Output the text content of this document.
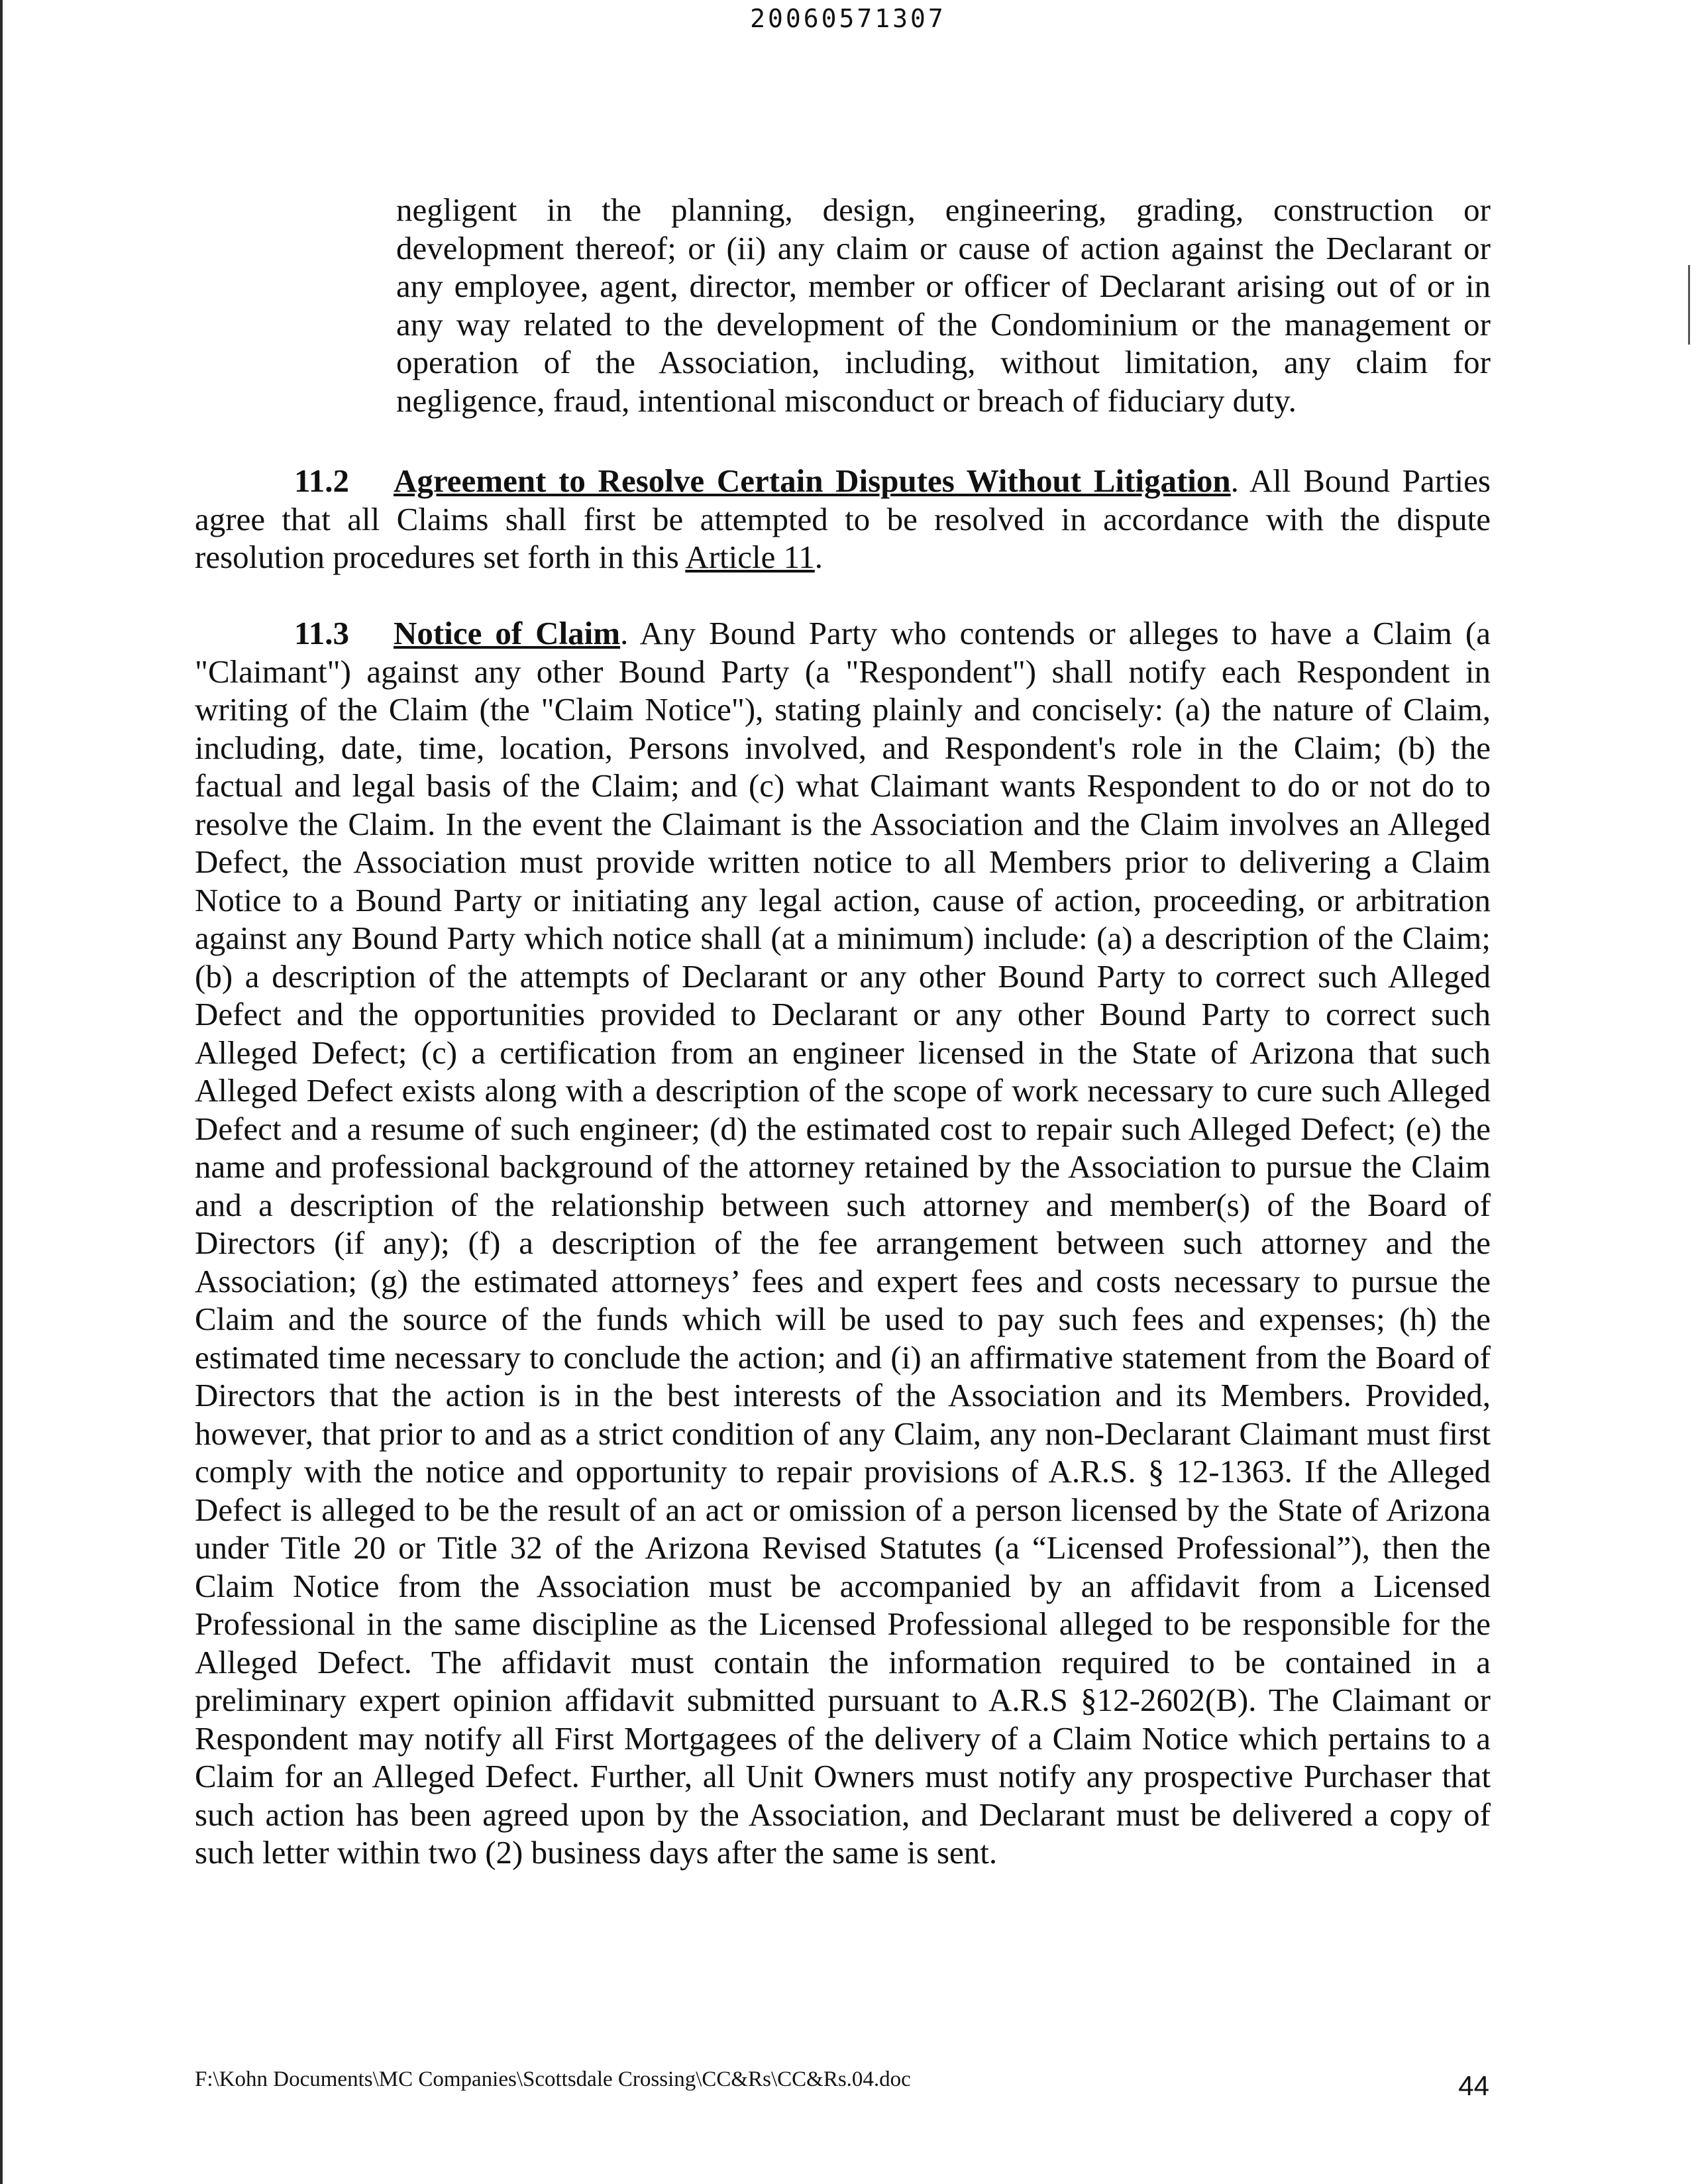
20060571307
negligent in the planning, design, engineering, grading, construction or development thereof; or (ii) any claim or cause of action against the Declarant or any employee, agent, director, member or officer of Declarant arising out of or in any way related to the development of the Condominium or the management or operation of the Association, including, without limitation, any claim for negligence, fraud, intentional misconduct or breach of fiduciary duty.
11.2 Agreement to Resolve Certain Disputes Without Litigation. All Bound Parties agree that all Claims shall first be attempted to be resolved in accordance with the dispute resolution procedures set forth in this Article 11.
11.3 Notice of Claim. Any Bound Party who contends or alleges to have a Claim (a "Claimant") against any other Bound Party (a "Respondent") shall notify each Respondent in writing of the Claim (the "Claim Notice"), stating plainly and concisely: (a) the nature of Claim, including, date, time, location, Persons involved, and Respondent's role in the Claim; (b) the factual and legal basis of the Claim; and (c) what Claimant wants Respondent to do or not do to resolve the Claim. In the event the Claimant is the Association and the Claim involves an Alleged Defect, the Association must provide written notice to all Members prior to delivering a Claim Notice to a Bound Party or initiating any legal action, cause of action, proceeding, or arbitration against any Bound Party which notice shall (at a minimum) include: (a) a description of the Claim; (b) a description of the attempts of Declarant or any other Bound Party to correct such Alleged Defect and the opportunities provided to Declarant or any other Bound Party to correct such Alleged Defect; (c) a certification from an engineer licensed in the State of Arizona that such Alleged Defect exists along with a description of the scope of work necessary to cure such Alleged Defect and a resume of such engineer; (d) the estimated cost to repair such Alleged Defect; (e) the name and professional background of the attorney retained by the Association to pursue the Claim and a description of the relationship between such attorney and member(s) of the Board of Directors (if any); (f) a description of the fee arrangement between such attorney and the Association; (g) the estimated attorneys’ fees and expert fees and costs necessary to pursue the Claim and the source of the funds which will be used to pay such fees and expenses; (h) the estimated time necessary to conclude the action; and (i) an affirmative statement from the Board of Directors that the action is in the best interests of the Association and its Members. Provided, however, that prior to and as a strict condition of any Claim, any non-Declarant Claimant must first comply with the notice and opportunity to repair provisions of A.R.S. § 12-1363. If the Alleged Defect is alleged to be the result of an act or omission of a person licensed by the State of Arizona under Title 20 or Title 32 of the Arizona Revised Statutes (a “Licensed Professional”), then the Claim Notice from the Association must be accompanied by an affidavit from a Licensed Professional in the same discipline as the Licensed Professional alleged to be responsible for the Alleged Defect. The affidavit must contain the information required to be contained in a preliminary expert opinion affidavit submitted pursuant to A.R.S §12-2602(B). The Claimant or Respondent may notify all First Mortgagees of the delivery of a Claim Notice which pertains to a Claim for an Alleged Defect. Further, all Unit Owners must notify any prospective Purchaser that such action has been agreed upon by the Association, and Declarant must be delivered a copy of such letter within two (2) business days after the same is sent.
F:\Kohn Documents\MC Companies\Scottsdale Crossing\CC&Rs\CC&Rs.04.doc	44
